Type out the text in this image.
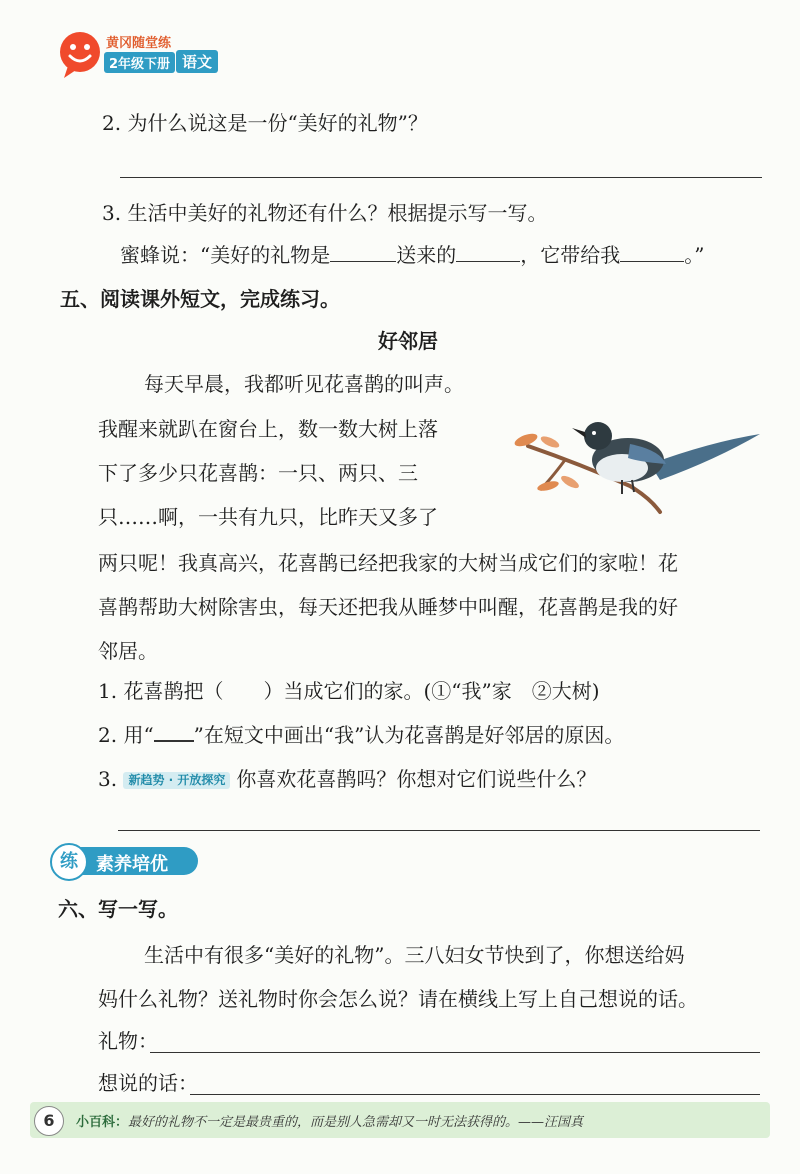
黄冈随堂练
2年级下册 语文
2. 为什么说这是一份“美好的礼物”？
3. 生活中美好的礼物还有什么？根据提示写一写。
蜜蜂说：“美好的礼物是	送来的	，它带给我	。”
五、阅读课外短文，完成练习。
好邻居
每天早晨，我都听见花喜鹊的叫声。
我醒来就趴在窗台上，数一数大树上落
下了多少只花喜鹊：一只、两只、三
只……啊，一共有九只，比昨天又多了
两只呢！我真高兴，花喜鹊已经把我家的大树当成它们的家啦！花
喜鹊帮助大树除害虫，每天还把我从睡梦中叫醒，花喜鹊是我的好
邻居。
1. 花喜鹊把（　　）当成它们的家。(①“我”家　②大树)
2. 用“ ”在短文中画出“我”认为花喜鹊是好邻居的原因。
3. 新趋势 · 开放探究 你喜欢花喜鹊吗？你想对它们说些什么？
练	素养培优
六、写一写。
生活中有很多“美好的礼物”。三八妇女节快到了，你想送给妈
妈什么礼物？送礼物时你会怎么说？请在横线上写上自己想说的话。
礼物：
想说的话：
6	小百科：最好的礼物不一定是最贵重的，而是别人急需却又一时无法获得的。——汪国真
